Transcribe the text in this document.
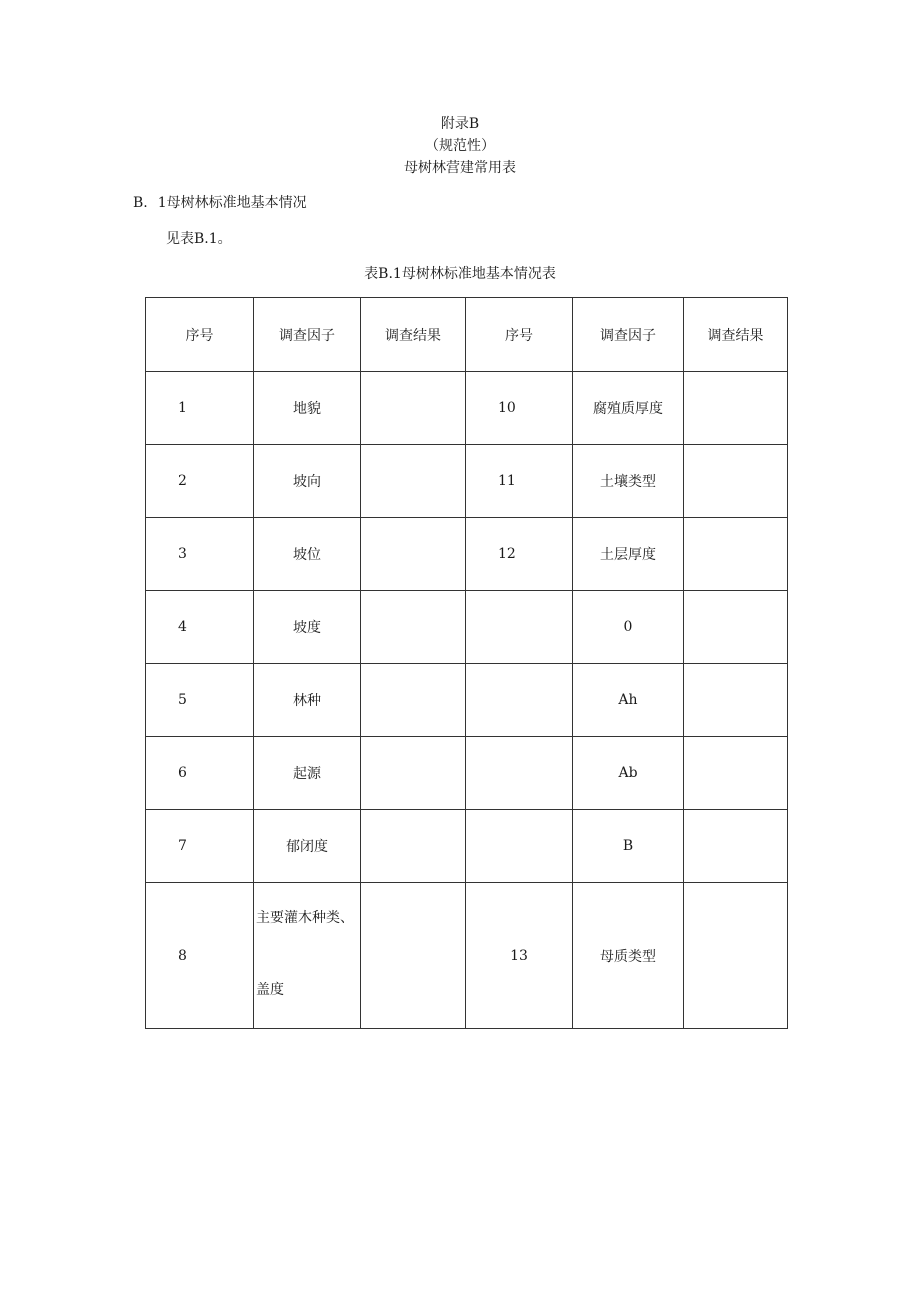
附录B
（规范性）
母树林营建常用表
B. 1母树林标准地基本情况
见表B.1。
表B.1母树林标准地基本情况表
序号	调查因子	调查结果	序号	调查因子	调查结果
1	地貌		10	腐殖质厚度	
2	坡向		11	土壤类型	
3	坡位		12	土层厚度	
4	坡度			0	
5	林种			Ah	
6	起源			Ab	
7	郁闭度			B	
8	主要灌木种类、
盖度		13	母质类型	
